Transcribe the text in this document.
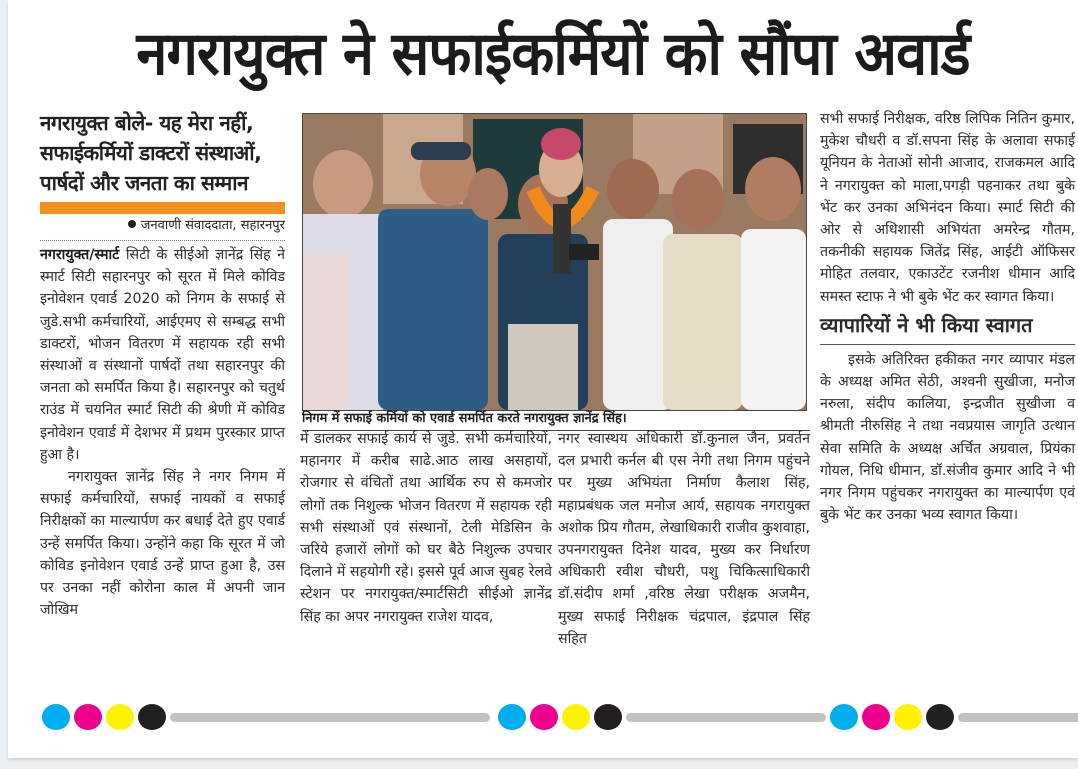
नगरायुक्त ने सफाईकर्मियों को सौंपा अवार्ड
नगरायुक्त बोले- यह मेरा नहीं, सफाईकर्मियों डाक्टरों संस्थाओं, पार्षदों और जनता का सम्मान
जनवाणी संवाददाता, सहारनपुर

नगरायुक्त/स्मार्ट सिटी के सीईओ ज्ञानेंद्र सिंह ने स्मार्ट सिटी सहारनपुर को सूरत में मिले कोविड इनोवेशन एवार्ड 2020 को निगम के सफाई से जुडे.सभी कर्मचारियों, आईएमए से सम्बद्ध सभी डाक्टरों, भोजन वितरण में सहायक रही सभी संस्थाओं व संस्थानों पार्षदों तथा सहारनपुर की जनता को समर्पित किया है। सहारनपुर को चतुर्थ राउंड में चयनित स्मार्ट सिटी की श्रेणी में कोविड इनोवेशन एवार्ड में देशभर में प्रथम पुरस्कार प्राप्त हुआ है।

नगरायुक्त ज्ञानेंद्र सिंह ने नगर निगम में सफाई कर्मचारियों, सफाई नायकों व सफाई निरीक्षकों का माल्यार्पण कर बधाई देते हुए एवार्ड उन्हें समर्पित किया। उन्होंने कहा कि सूरत में जो कोविड इनोवेशन एवार्ड उन्हें प्राप्त हुआ है, उस पर उनका नहीं कोरोना काल में अपनी जान जोखिम

निगम में सफाई कर्मियों को एवार्ड समर्पित करते नगरायुक्त ज्ञानेंद्र सिंह।

में डालकर सफाई कार्य से जुडे. सभी कर्मचारियों, महानगर में करीब साढे.आठ लाख असहायों, रोजगार से वंचितों तथा आर्थिक रुप से कमजोर लोगों तक निशुल्क भोजन वितरण में सहायक रही सभी संस्थाओं एवं संस्थानों, टेली मेडिसिन के जरिये हजारों लोगों को घर बैठे निशुल्क उपचार दिलाने में सहयोगी रहे। इससे पूर्व आज सुबह रेलवे स्टेशन पर नगरायुक्त/स्मार्टसिटी सीईओ ज्ञानेंद्र सिंह का अपर नगरायुक्त राजेश यादव,

नगर स्वास्थय अधिकारी डॉ.कुनाल जैन, प्रवर्तन दल प्रभारी कर्नल बी एस नेगी तथा निगम पहुंचने पर मुख्य अभियंता निर्माण कैलाश सिंह, महाप्रबंधक जल मनोज आर्य, सहायक नगरायुक्त अशोक प्रिय गौतम, लेखाधिकारी राजीव कुशवाहा, उपनगरायुक्त दिनेश यादव, मुख्य कर निर्धारण अधिकारी रवीश चौधरी, पशु चिकित्साधिकारी डॉ.संदीप शर्मा ,वरिष्ठ लेखा परीक्षक अजमैन, मुख्य सफाई निरीक्षक चंद्रपाल, इंद्रपाल सिंह सहित

सभी सफाई निरीक्षक, वरिष्ठ लिपिक नितिन कुमार, मुकेश चौधरी व डॉ.सपना सिंह के अलावा सफाई यूनियन के नेताओं सोनी आजाद, राजकमल आदि ने नगरायुक्त को माला,पगड़ी पहनाकर तथा बुके भेंट कर उनका अभिनंदन किया। स्मार्ट सिटी की ओर से अधिशासी अभियंता अमरेन्द्र गौतम, तकनीकी सहायक जितेंद्र सिंह, आईटी ऑफिसर मोहित तलवार, एकाउटेंट रजनीश धीमान आदि समस्त स्टाफ ने भी बुके भेंट कर स्वागत किया।

व्यापारियों ने भी किया स्वागत

इसके अतिरिक्त हकीकत नगर व्यापार मंडल के अध्यक्ष अमित सेठी, अश्वनी सुखीजा, मनोज नरुला, संदीप कालिया, इन्द्रजीत सुखीजा व श्रीमती नीरुसिंह ने तथा नवप्रयास जागृति उत्थान सेवा समिति के अध्यक्ष अर्चित अग्रवाल, प्रियंका गोयल, निधि धीमान, डॉ.संजीव कुमार आदि ने भी नगर निगम पहुंचकर नगरायुक्त का माल्यार्पण एवं बुके भेंट कर उनका भव्य स्वागत किया।
